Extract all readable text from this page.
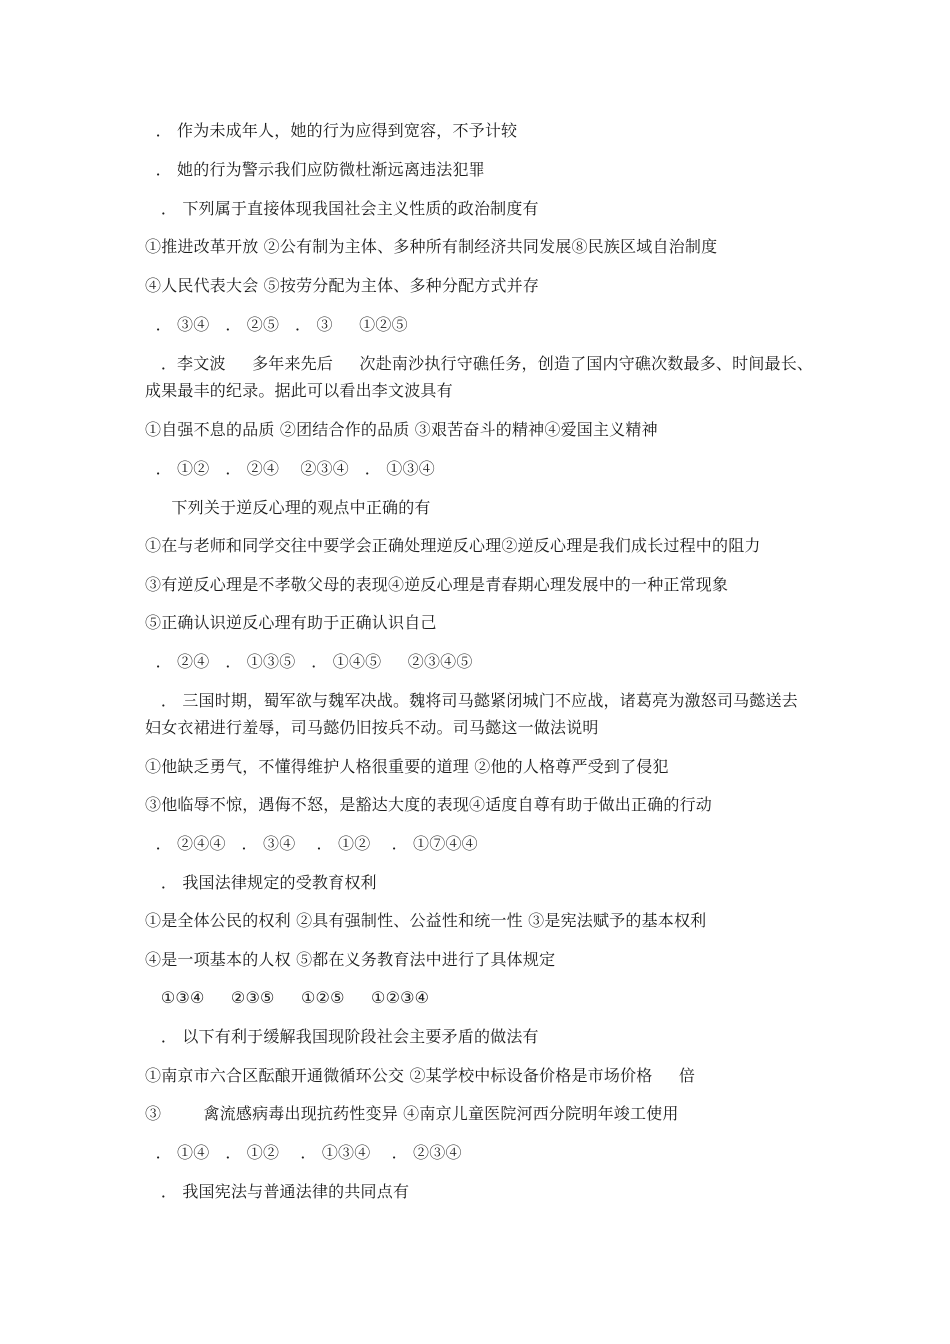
． 作为未成年人，她的行为应得到宽容，不予计较
． 她的行为警示我们应防微杜渐远离违法犯罪
． 下列属于直接体现我国社会主义性质的政治制度有
①推进改革开放 ②公有制为主体、多种所有制经济共同发展⑧民族区域自治制度
④人民代表大会 ⑤按劳分配为主体、多种分配方式并存
． ③④   ． ②⑤   ． ③     ①②⑤
．李文波     多年来先后     次赴南沙执行守礁任务，创造了国内守礁次数最多、时间最长、
成果最丰的纪录。据此可以看出李文波具有
①自强不息的品质 ②团结合作的品质 ③艰苦奋斗的精神④爱国主义精神
． ①②   ． ②④    ②③④   ． ①③④
下列关于逆反心理的观点中正确的有
①在与老师和同学交往中要学会正确处理逆反心理②逆反心理是我们成长过程中的阻力
③有逆反心理是不孝敬父母的表现④逆反心理是青春期心理发展中的一种正常现象
⑤正确认识逆反心理有助于正确认识自己
． ②④   ． ①③⑤   ． ①④⑤     ②③④⑤
． 三国时期，蜀军欲与魏军决战。魏将司马懿紧闭城门不应战，诸葛亮为激怒司马懿送去
妇女衣裙进行羞辱，司马懿仍旧按兵不动。司马懿这一做法说明
①他缺乏勇气，不懂得维护人格很重要的道理 ②他的人格尊严受到了侵犯
③他临辱不惊，遇侮不怒，是豁达大度的表现④适度自尊有助于做出正确的行动
． ②④④   ． ③④    ． ①②    ． ①⑦④④
． 我国法律规定的受教育权利
①是全体公民的权利 ②具有强制性、公益性和统一性 ③是宪法赋予的基本权利
④是一项基本的人权 ⑤都在义务教育法中进行了具体规定
①③④     ②③⑤     ①②⑤     ①②③④
． 以下有利于缓解我国现阶段社会主要矛盾的做法有
①南京市六合区酝酿开通微循环公交 ②某学校中标设备价格是市场价格     倍
③        禽流感病毒出现抗药性变异 ④南京儿童医院河西分院明年竣工使用
． ①④   ． ①②    ． ①③④    ． ②③④
． 我国宪法与普通法律的共同点有
